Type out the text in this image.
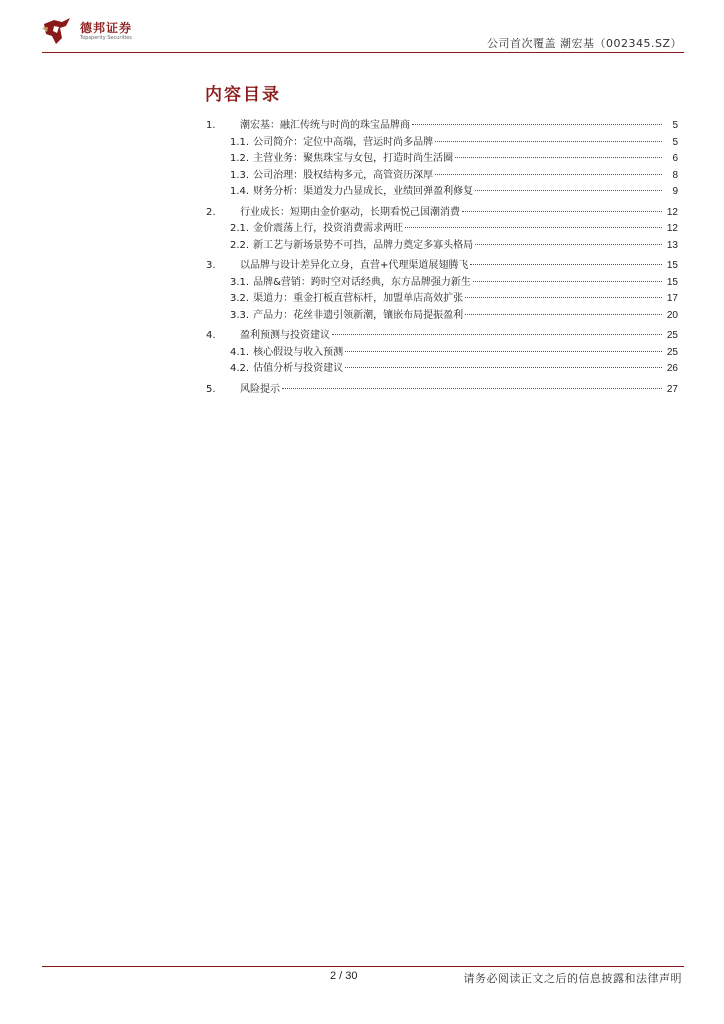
德邦证券
Topsperity Securities	公司首次覆盖 潮宏基（002345.SZ）
内容目录
1.	潮宏基：融汇传统与时尚的珠宝品牌商	5
1.1. 公司简介：定位中高端，营运时尚多品牌	5
1.2. 主营业务：聚焦珠宝与女包，打造时尚生活圈	6
1.3. 公司治理：股权结构多元，高管资历深厚	8
1.4. 财务分析：渠道发力凸显成长，业绩回弹盈利修复	9
2.	行业成长：短期由金价驱动，长期看悦己国潮消费	12
2.1. 金价震荡上行，投资消费需求两旺	12
2.2. 新工艺与新场景势不可挡，品牌力奠定多寡头格局	13
3.	以品牌与设计差异化立身，直营+代理渠道展翅腾飞	15
3.1. 品牌&营销：跨时空对话经典，东方品牌强力新生	15
3.2. 渠道力：重金打板直营标杆，加盟单店高效扩张	17
3.3. 产品力：花丝非遗引领新潮，镶嵌布局提振盈利	20
4.	盈利预测与投资建议	25
4.1. 核心假设与收入预测	25
4.2. 估值分析与投资建议	26
5.	风险提示	27
2 / 30	请务必阅读正文之后的信息披露和法律声明
